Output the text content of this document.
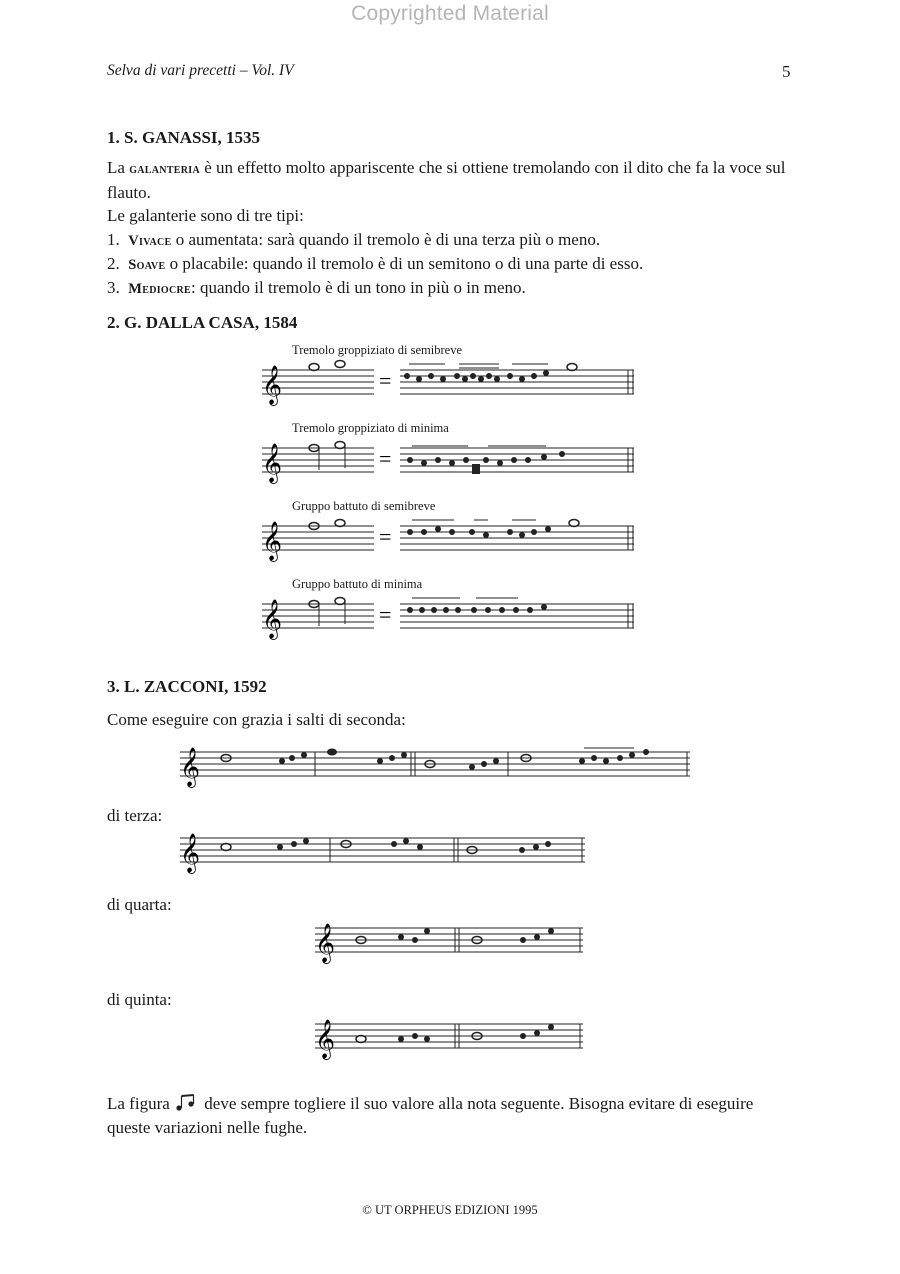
Copyrighted Material
Selva di vari precetti – Vol. IV	5
1. S. GANASSI, 1535
La galanteria è un effetto molto appariscente che si ottiene tremolando con il dito che fa la voce sul flauto.
Le galanterie sono di tre tipi:
1. Vivace o aumentata: sarà quando il tremolo è di una terza più o meno.
2. Soave o placabile: quando il tremolo è di un semitono o di una parte di esso.
3. Mediocre: quando il tremolo è di un tono in più o in meno.
2. G. DALLA CASA, 1584
Tremolo groppiziato di semibreve
𝄞	=
Tremolo groppiziato di minima
𝄞	=
Gruppo battuto di semibreve
𝄞	=
Gruppo battuto di minima
𝄞	=
3. L. ZACCONI, 1592
Come eseguire con grazia i salti di seconda:
𝄞
di terza:
𝄞
di quarta:
𝄞
di quinta:
𝄞
La figura deve sempre togliere il suo valore alla nota seguente. Bisogna evitare di eseguire queste variazioni nelle fughe.
© UT ORPHEUS EDIZIONI 1995
